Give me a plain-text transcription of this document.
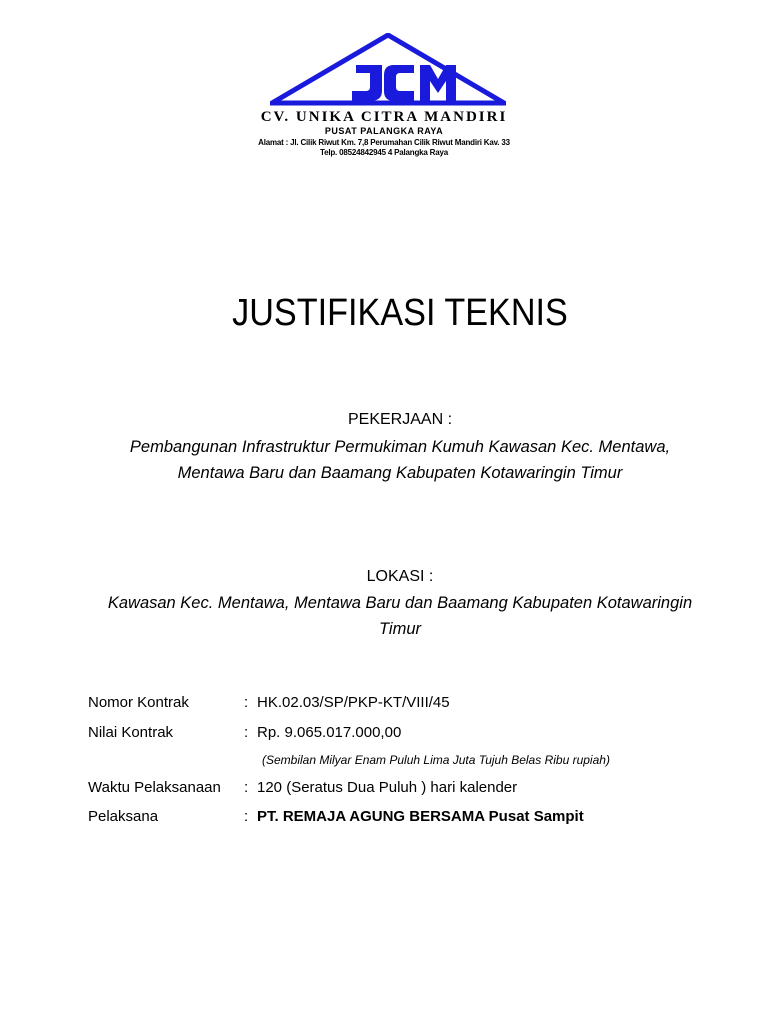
CV. UNIKA CITRA MANDIRI
PUSAT PALANGKA RAYA
Alamat : Jl. Cilik Riwut Km. 7,8 Perumahan Cilik Riwut Mandiri Kav. 33
Telp. 08524842945 4 Palangka Raya
JUSTIFIKASI TEKNIS
PEKERJAAN :
Pembangunan Infrastruktur Permukiman Kumuh Kawasan Kec. Mentawa,
Mentawa Baru dan Baamang Kabupaten Kotawaringin Timur
LOKASI :
Kawasan Kec. Mentawa, Mentawa Baru dan Baamang Kabupaten Kotawaringin
Timur
Nomor Kontrak	: HK.02.03/SP/PKP-KT/VIII/45
Nilai Kontrak	: Rp. 9.065.017.000,00
(Sembilan Milyar Enam Puluh Lima Juta Tujuh Belas Ribu rupiah)
Waktu Pelaksanaan : 120 (Seratus Dua Puluh ) hari kalender
Pelaksana	: PT. REMAJA AGUNG BERSAMA Pusat Sampit
